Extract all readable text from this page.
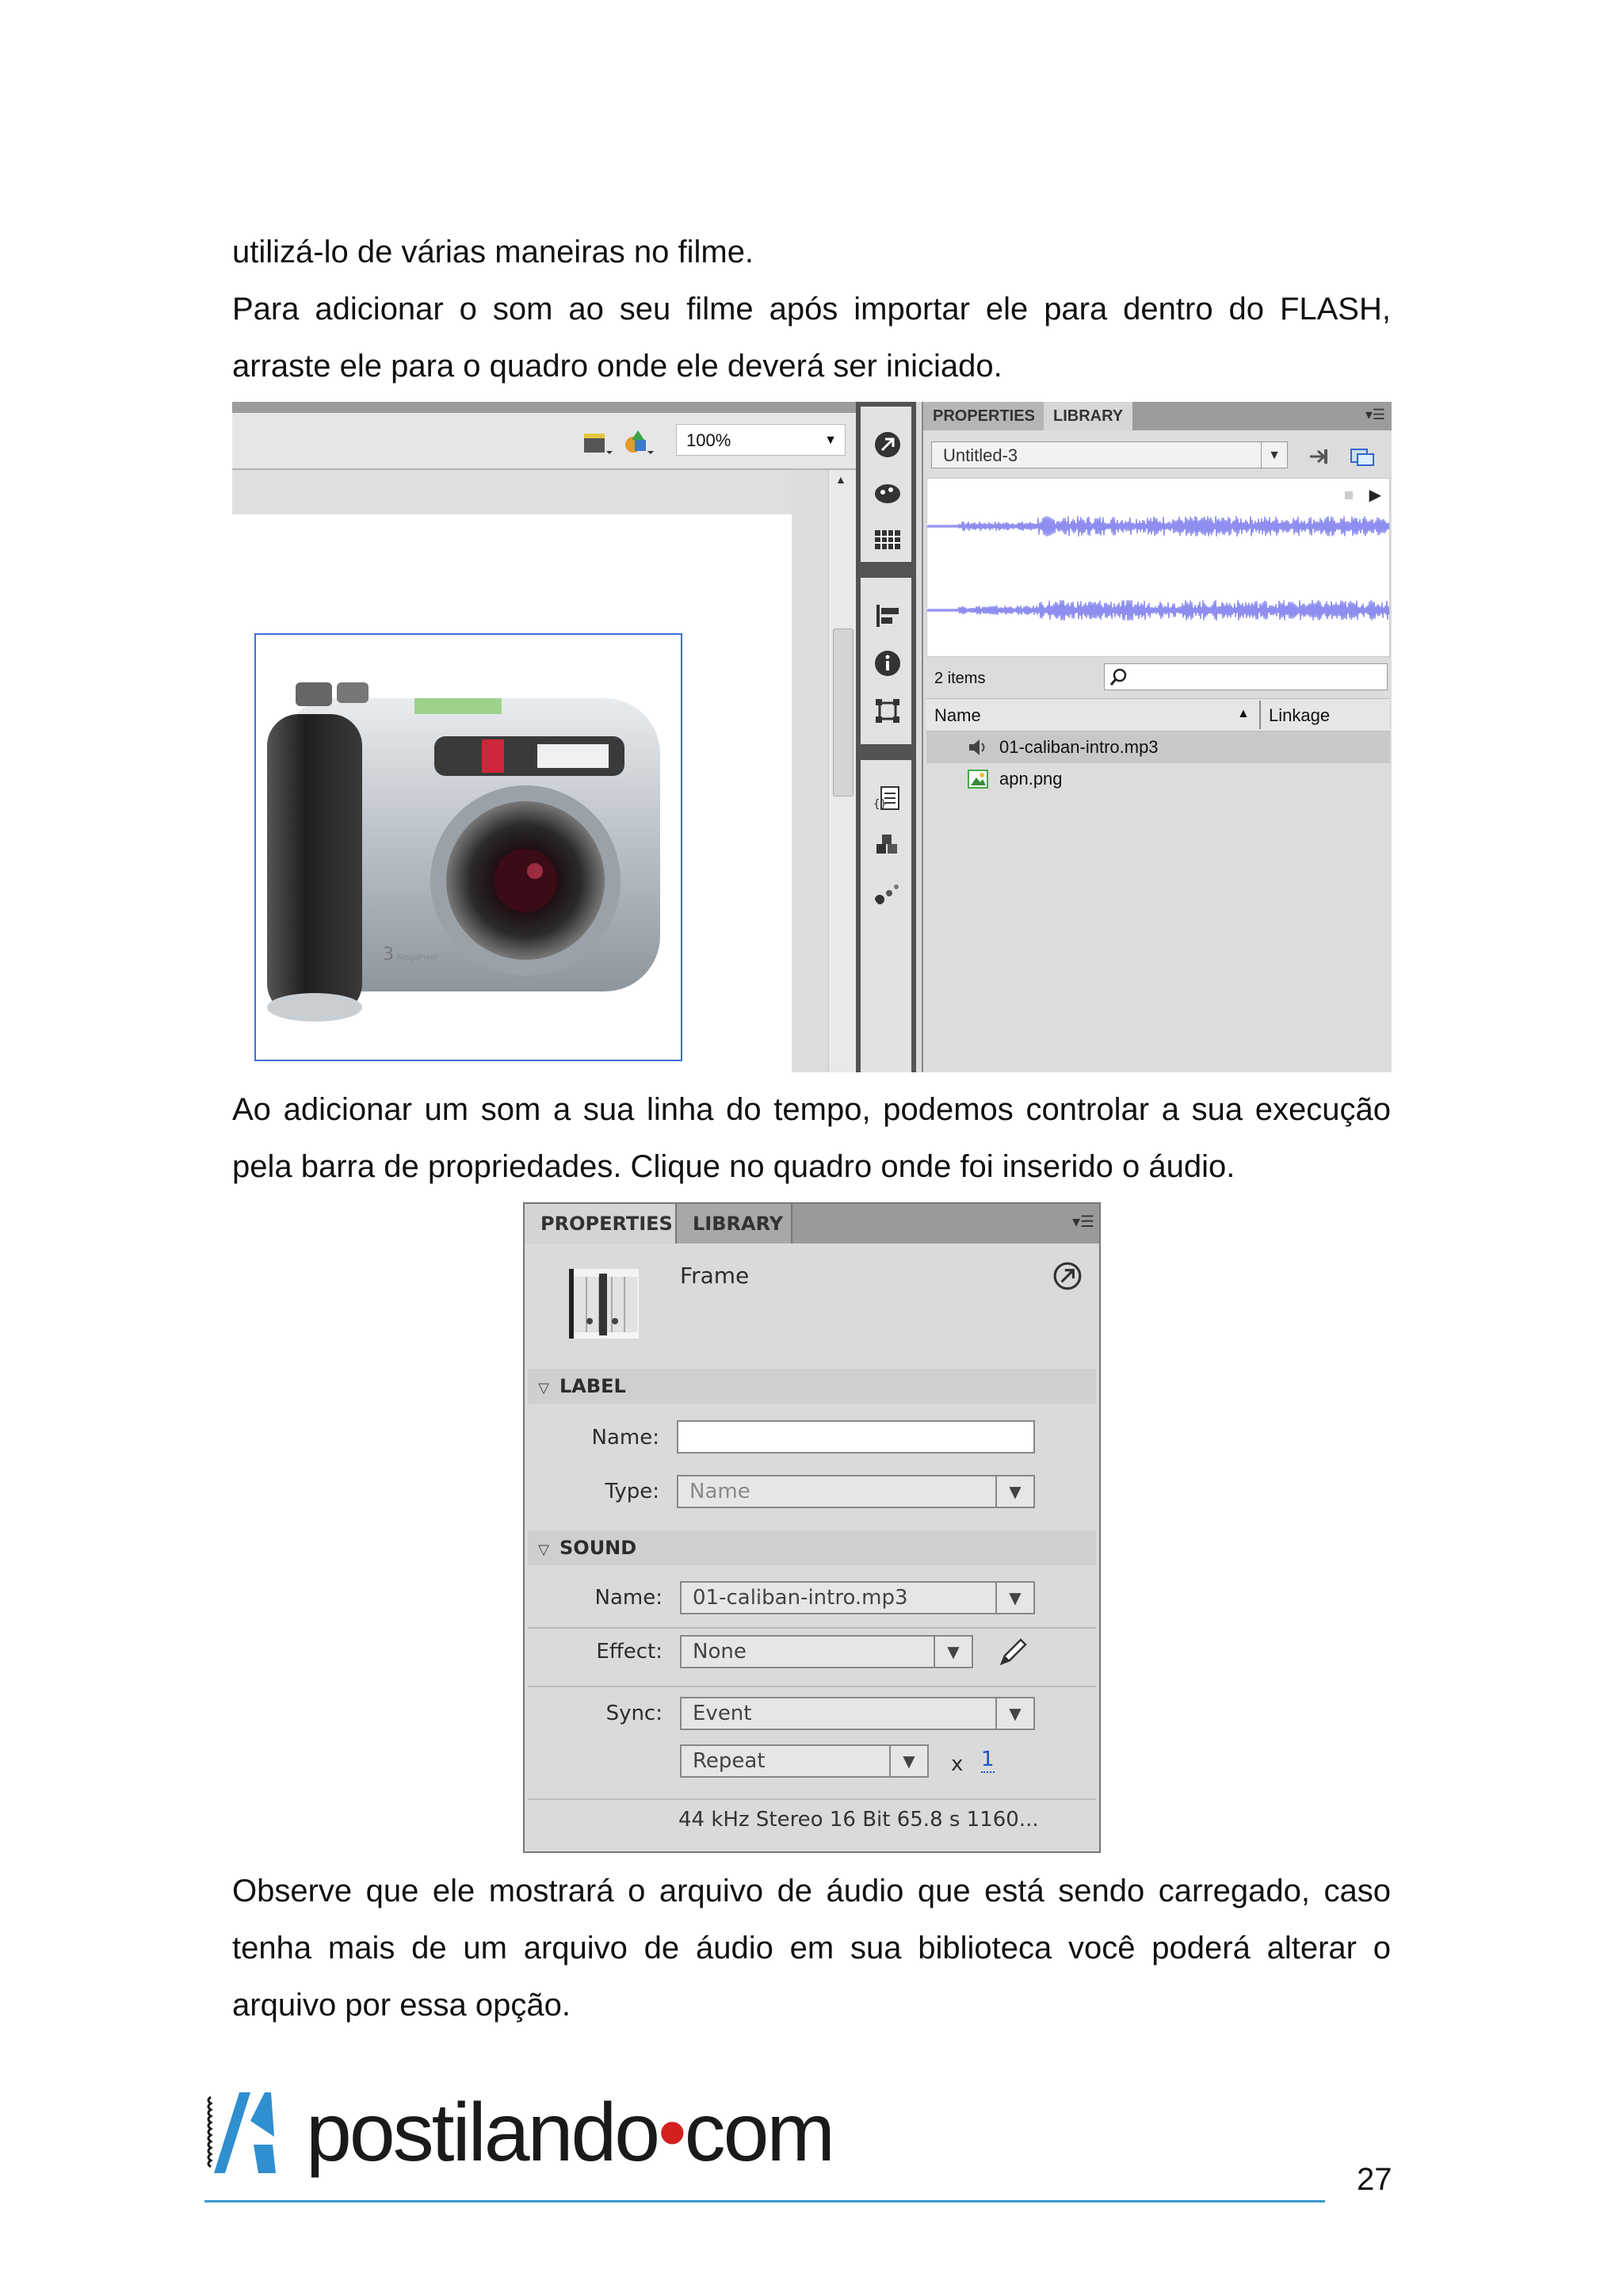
utilizá-lo de várias maneiras no filme.

Para adicionar o som ao seu filme após importar ele para dentro do FLASH, arraste ele para o quadro onde ele deverá ser iniciado.

100%	▼
3 MegaPixel
▲
{}
PROPERTIES	LIBRARY	▾☰
Untitled-3	▼
▶
2 items
Name	▲ Linkage
01-caliban-intro.mp3
apn.png

Ao adicionar um som a sua linha do tempo, podemos controlar a sua execução pela barra de propriedades. Clique no quadro onde foi inserido o áudio.

PROPERTIES	LIBRARY	▾☰
Frame
▽ LABEL
Name:
Type:	Name	▼
▽ SOUND
Name:	01-caliban-intro.mp3	▼
Effect:	None	▼
Sync:	Event	▼
Repeat	▼	x 1
44 kHz Stereo 16 Bit 65.8 s 1160...

Observe que ele mostrará o arquivo de áudio que está sendo carregado, caso tenha mais de um arquivo de áudio em sua biblioteca você poderá alterar o arquivo por essa opção.

postilando•com
27
